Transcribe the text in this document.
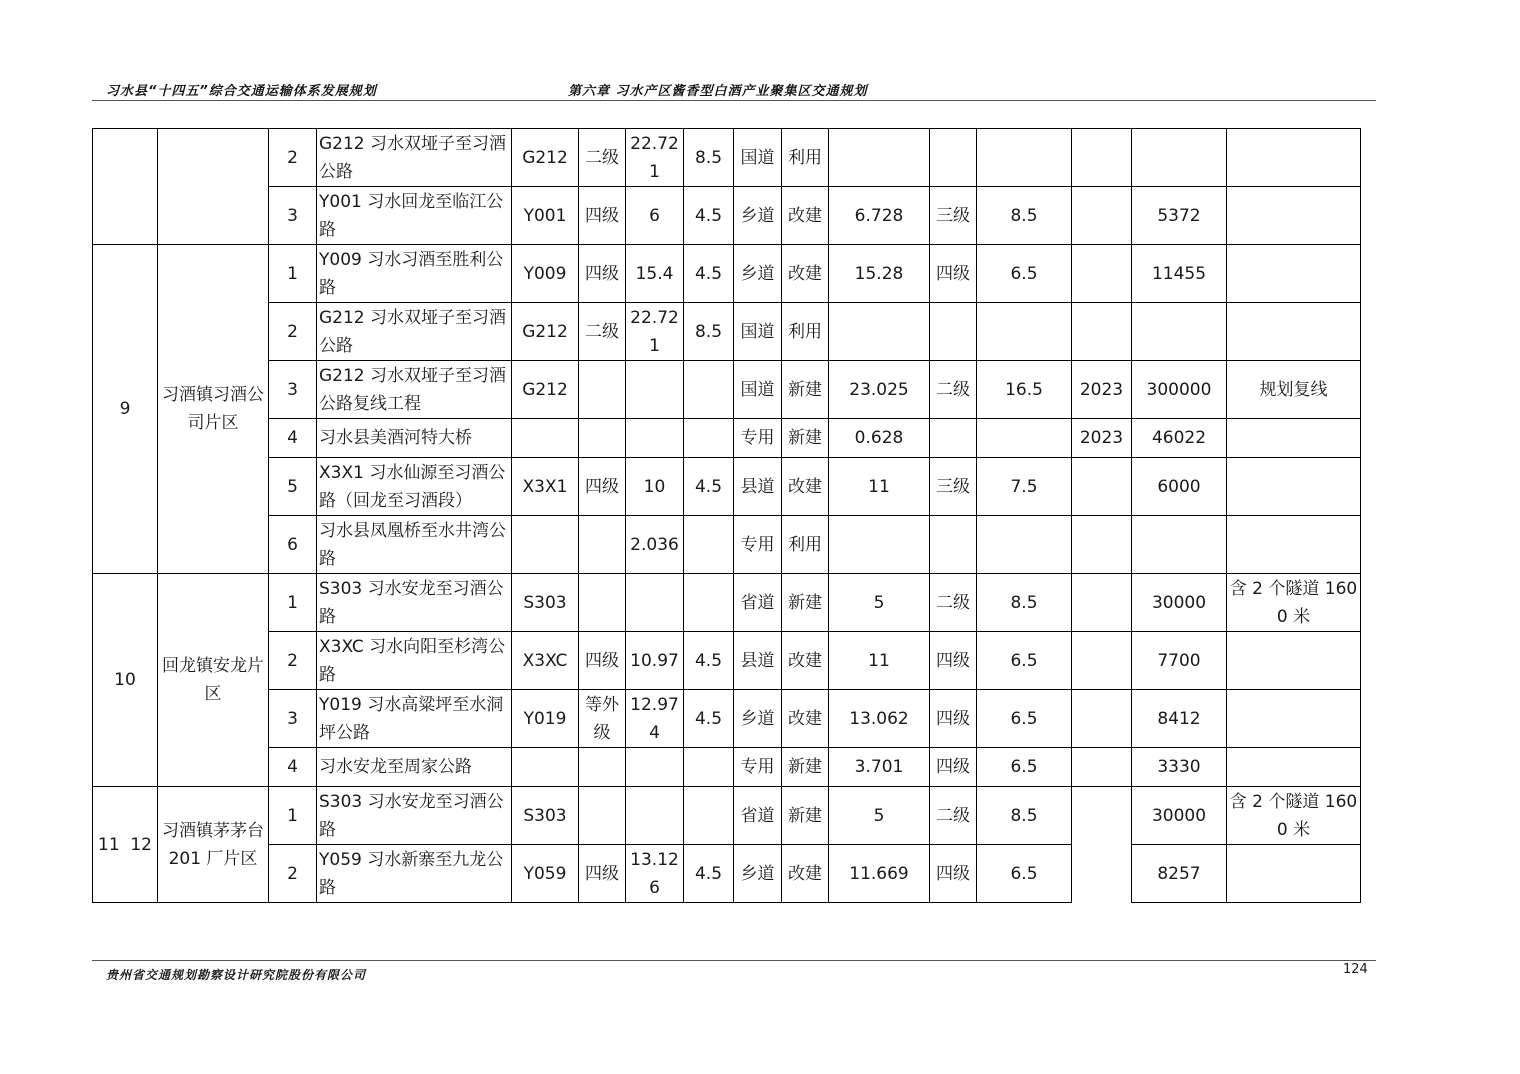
习水县“十四五”综合交通运输体系发展规划	第六章 习水产区酱香型白酒产业聚集区交通规划
		2	G212 习水双垭子至习酒公路	G212	二级	22.721	8.5	国道	利用						
		3	Y001 习水回龙至临江公路	Y001	四级	6	4.5	乡道	改建	6.728	三级	8.5		5372	
9	习酒镇习酒公司片区	1	Y009 习水习酒至胜利公路	Y009	四级	15.4	4.5	乡道	改建	15.28	四级	6.5		11455	
		2	G212 习水双垭子至习酒公路	G212	二级	22.721	8.5	国道	利用						
		3	G212 习水双垭子至习酒公路复线工程	G212				国道	新建	23.025	二级	16.5	2023	300000	规划复线
		4	习水县美酒河特大桥					专用	新建	0.628			2023	46022	
		5	X3X1 习水仙源至习酒公路（回龙至习酒段）	X3X1	四级	10	4.5	县道	改建	11	三级	7.5		6000	
		6	习水县凤凰桥至水井湾公路			2.036		专用	利用						
10	回龙镇安龙片区	1	S303 习水安龙至习酒公路	S303				省道	新建	5	二级	8.5		30000	含 2 个隧道 1600 米
		2	X3XC 习水向阳至杉湾公路	X3XC	四级	10.97	4.5	县道	改建	11	四级	6.5		7700	
		3	Y019 习水高粱坪至水洞坪公路	Y019	等外级	12.974	4.5	乡道	改建	13.062	四级	6.5		8412	
		4	习水安龙至周家公路					专用	新建	3.701	四级	6.5		3330	

11 12	习酒镇茅茅台 201 厂片区	1	S303 习水安龙至习酒公路	S303				省道	新建	5	二级	8.5		30000	含 2 个隧道 1600 米
		2	Y059 习水新寨至九龙公路	Y059	四级	13.126	4.5	乡道	改建	11.669	四级	6.5		8257	
贵州省交通规划勘察设计研究院股份有限公司	124
